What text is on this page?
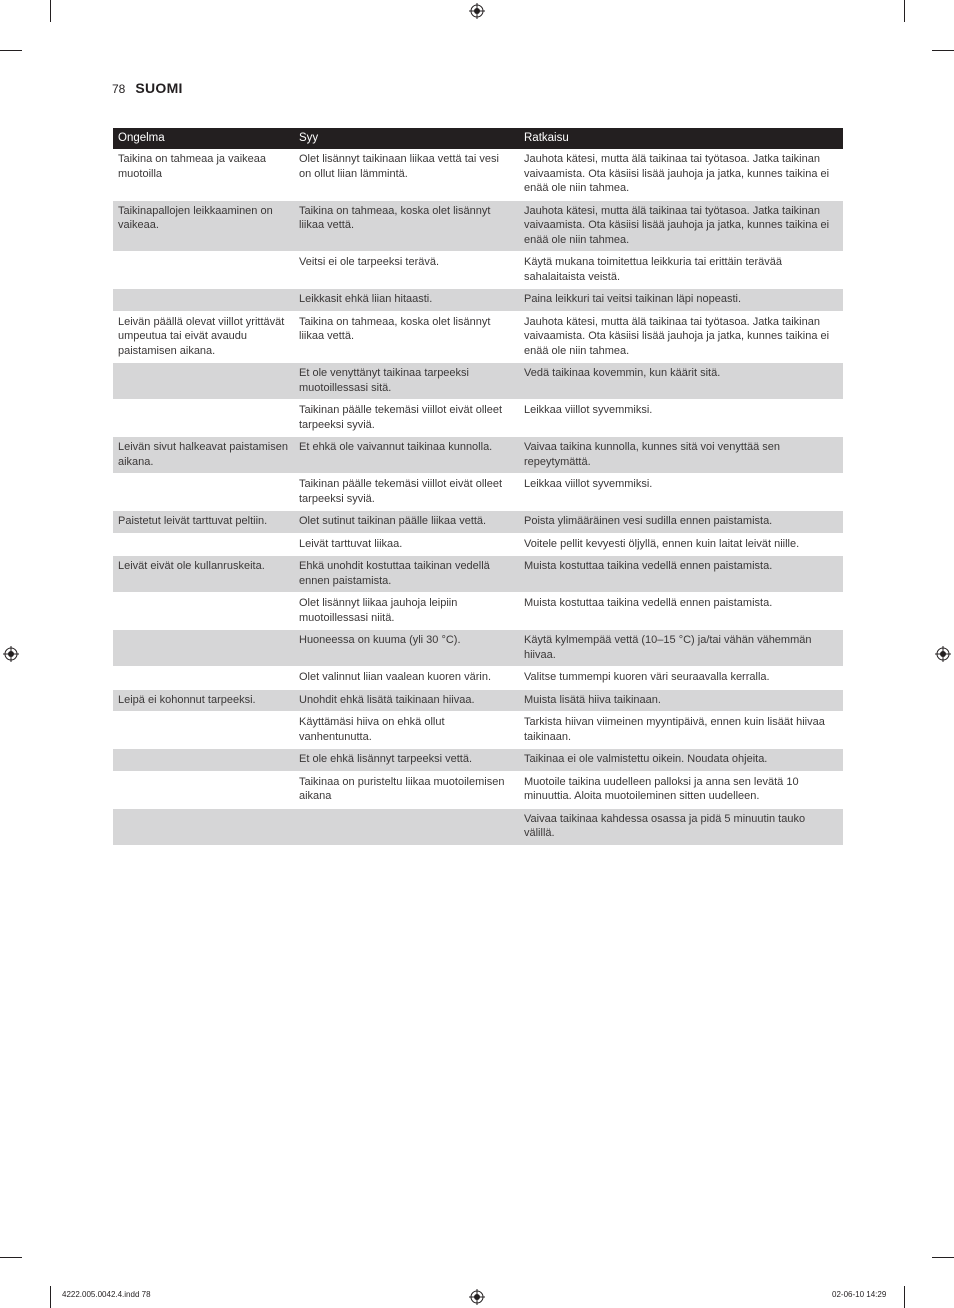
78 SUOMI
Ongelma	Syy	Ratkaisu
Taikina on tahmeaa ja vaikeaa muotoilla	Olet lisännyt taikinaan liikaa vettä tai vesi on ollut liian lämmintä.	Jauhota kätesi, mutta älä taikinaa tai työtasoa. Jatka taikinan vaivaamista. Ota käsiisi lisää jauhoja ja jatka, kunnes taikina ei enää ole niin tahmea.
Taikinapallojen leikkaaminen on vaikeaa.	Taikina on tahmeaa, koska olet lisännyt liikaa vettä.	Jauhota kätesi, mutta älä taikinaa tai työtasoa. Jatka taikinan vaivaamista. Ota käsiisi lisää jauhoja ja jatka, kunnes taikina ei enää ole niin tahmea.
	Veitsi ei ole tarpeeksi terävä.	Käytä mukana toimitettua leikkuria tai erittäin terävää sahalaitaista veistä.
	Leikkasit ehkä liian hitaasti.	Paina leikkuri tai veitsi taikinan läpi nopeasti.
Leivän päällä olevat viillot yrittävät umpeutua tai eivät avaudu paistamisen aikana.	Taikina on tahmeaa, koska olet lisännyt liikaa vettä.	Jauhota kätesi, mutta älä taikinaa tai työtasoa. Jatka taikinan vaivaamista. Ota käsiisi lisää jauhoja ja jatka, kunnes taikina ei enää ole niin tahmea.
	Et ole venyttänyt taikinaa tarpeeksi muotoillessasi sitä.	Vedä taikinaa kovemmin, kun käärit sitä.
	Taikinan päälle tekemäsi viillot eivät olleet tarpeeksi syviä.	Leikkaa viillot syvemmiksi.
Leivän sivut halkeavat paistamisen aikana.	Et ehkä ole vaivannut taikinaa kunnolla.	Vaivaa taikina kunnolla, kunnes sitä voi venyttää sen repeytymättä.
	Taikinan päälle tekemäsi viillot eivät olleet tarpeeksi syviä.	Leikkaa viillot syvemmiksi.
Paistetut leivät tarttuvat peltiin.	Olet sutinut taikinan päälle liikaa vettä.	Poista ylimääräinen vesi sudilla ennen paistamista.
	Leivät tarttuvat liikaa.	Voitele pellit kevyesti öljyllä, ennen kuin laitat leivät niille.
Leivät eivät ole kullanruskeita.	Ehkä unohdit kostuttaa taikinan vedellä ennen paistamista.	Muista kostuttaa taikina vedellä ennen paistamista.
	Olet lisännyt liikaa jauhoja leipiin muotoillessasi niitä.	Muista kostuttaa taikina vedellä ennen paistamista.
	Huoneessa on kuuma (yli 30 °C).	Käytä kylmempää vettä (10–15 °C) ja/tai vähän vähemmän hiivaa.
	Olet valinnut liian vaalean kuoren värin.	Valitse tummempi kuoren väri seuraavalla kerralla.
Leipä ei kohonnut tarpeeksi.	Unohdit ehkä lisätä taikinaan hiivaa.	Muista lisätä hiiva taikinaan.
	Käyttämäsi hiiva on ehkä ollut vanhentunutta.	Tarkista hiivan viimeinen myyntipäivä, ennen kuin lisäät hiivaa taikinaan.
	Et ole ehkä lisännyt tarpeeksi vettä.	Taikinaa ei ole valmistettu oikein. Noudata ohjeita.
	Taikinaa on puristeltu liikaa muotoilemisen aikana	Muotoile taikina uudelleen palloksi ja anna sen levätä 10 minuuttia. Aloita muotoileminen sitten uudelleen.
		Vaivaa taikinaa kahdessa osassa ja pidä 5 minuutin tauko välillä.
4222.005.0042.4.indd 78	02-06-10 14:29
